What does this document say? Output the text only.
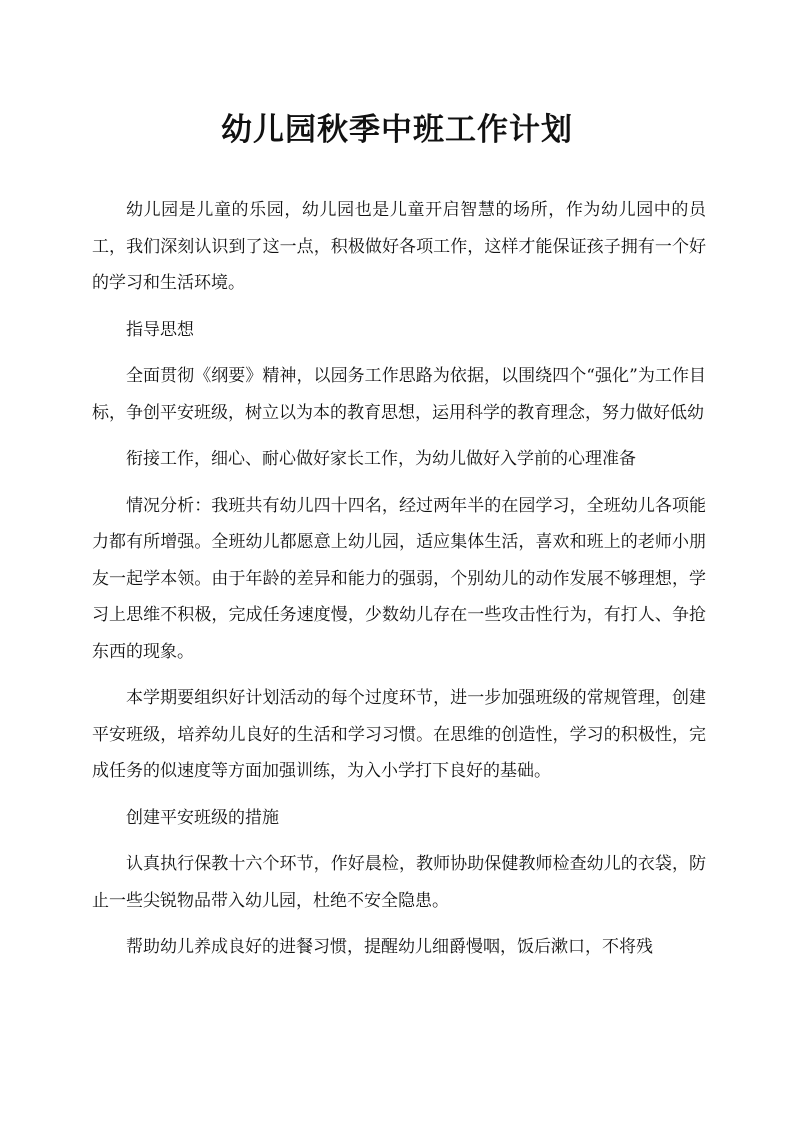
幼儿园秋季中班工作计划

幼儿园是儿童的乐园，幼儿园也是儿童开启智慧的场所，作为幼儿园中的员工，我们深刻认识到了这一点，积极做好各项工作，这样才能保证孩子拥有一个好的学习和生活环境。

指导思想

全面贯彻《纲要》精神，以园务工作思路为依据，以围绕四个“强化”为工作目标，争创平安班级，树立以为本的教育思想，运用科学的教育理念，努力做好低幼

衔接工作，细心、耐心做好家长工作，为幼儿做好入学前的心理准备

情况分析：我班共有幼儿四十四名，经过两年半的在园学习，全班幼儿各项能力都有所增强。全班幼儿都愿意上幼儿园，适应集体生活，喜欢和班上的老师小朋友一起学本领。由于年龄的差异和能力的强弱，个别幼儿的动作发展不够理想，学习上思维不积极，完成任务速度慢，少数幼儿存在一些攻击性行为，有打人、争抢东西的现象。

本学期要组织好计划活动的每个过度环节，进一步加强班级的常规管理，创建平安班级，培养幼儿良好的生活和学习习惯。在思维的创造性，学习的积极性，完成任务的似速度等方面加强训练，为入小学打下良好的基础。

创建平安班级的措施

认真执行保教十六个环节，作好晨检，教师协助保健教师检查幼儿的衣袋，防止一些尖锐物品带入幼儿园，杜绝不安全隐患。

帮助幼儿养成良好的进餐习惯，提醒幼儿细爵慢咽，饭后漱口，不将残
